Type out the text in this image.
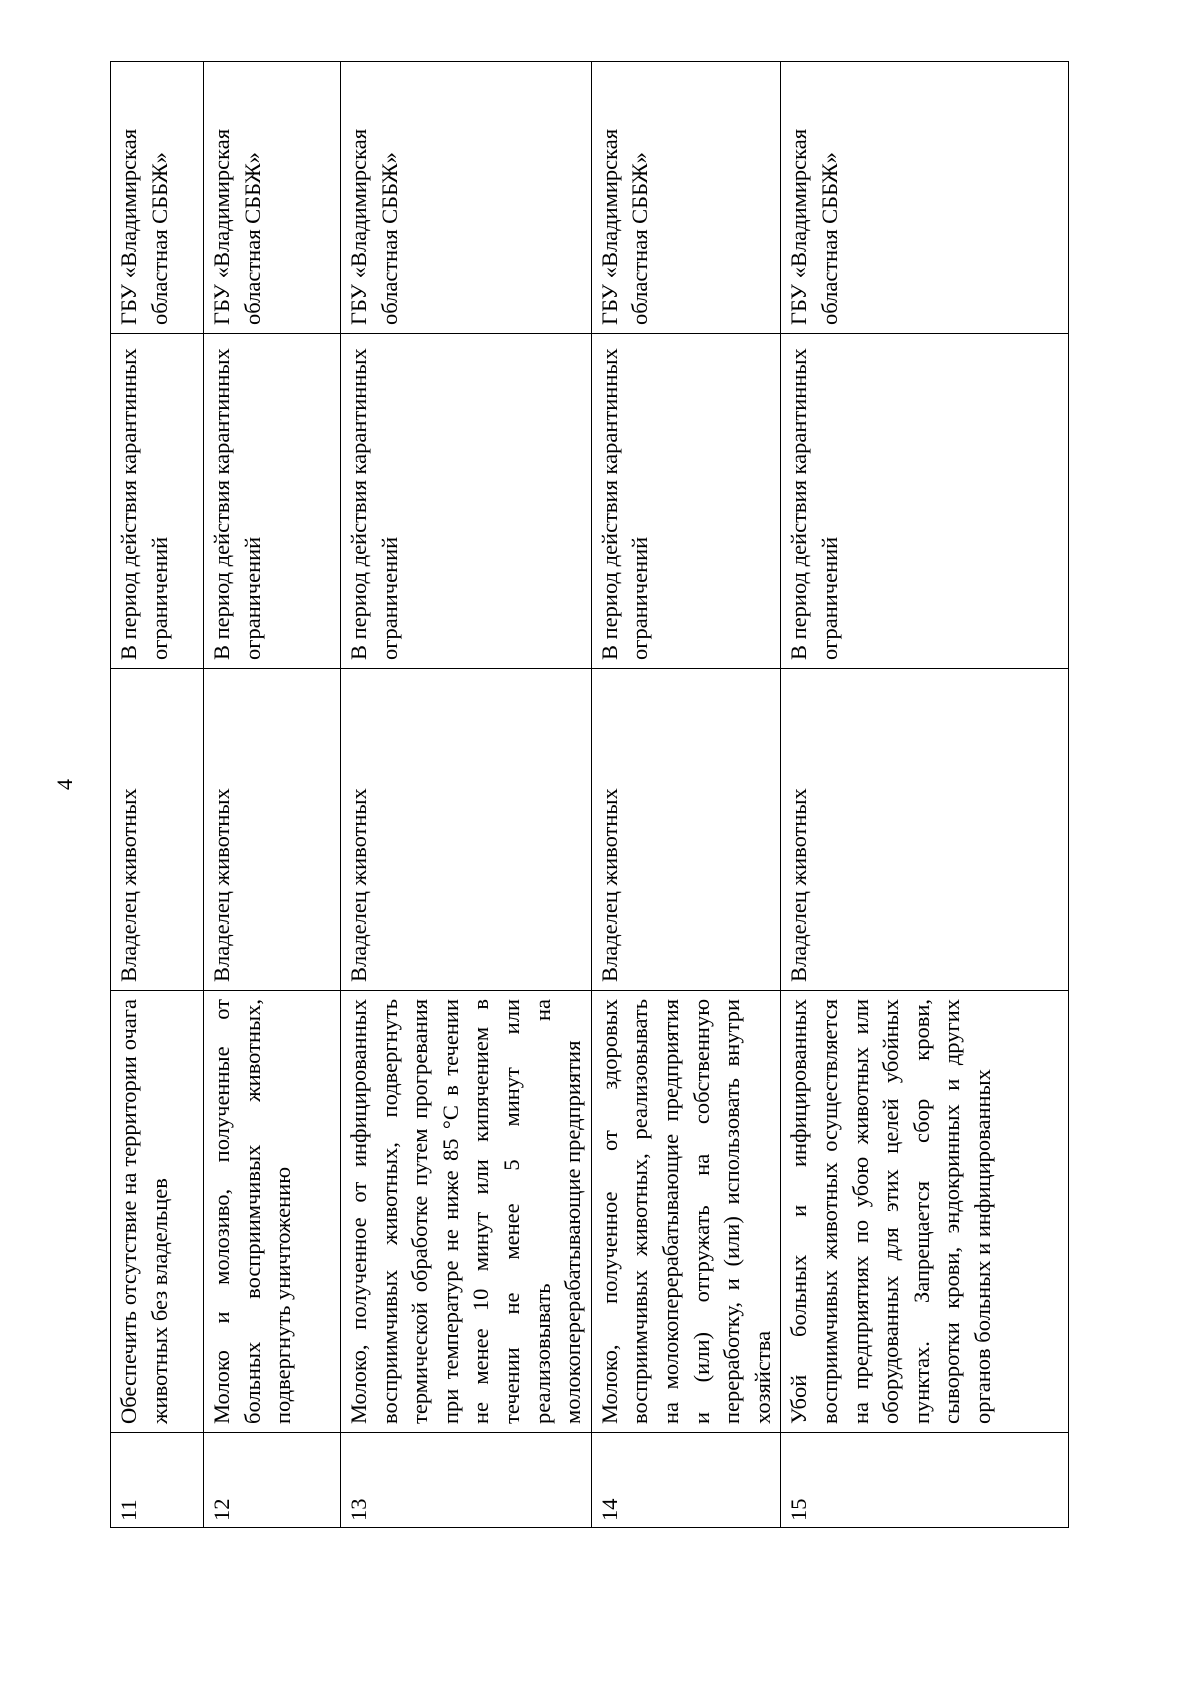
4
11	Обеспечить отсутствие на территории очага животных без владельцев	Владелец животных	В период действия карантинных ограничений	ГБУ «Владимирская областная СББЖ»
12	Молоко и молозиво, полученные от больных восприимчивых животных, подвергнуть уничтожению	Владелец животных	В период действия карантинных ограничений	ГБУ «Владимирская областная СББЖ»
13	Молоко, полученное от инфицированных восприимчивых животных, подвергнуть термической обработке путем прогревания при температуре не ниже 85 °С в течении не менее 10 минут или кипячением в течении не менее 5 минут или реализовывать на молокоперерабатывающие предприятия	Владелец животных	В период действия карантинных ограничений	ГБУ «Владимирская областная СББЖ»
14	Молоко, полученное от здоровых восприимчивых животных, реализовывать на молокоперерабатывающие предприятия и (или) отгружать на собственную переработку, и (или) использовать внутри хозяйства	Владелец животных	В период действия карантинных ограничений	ГБУ «Владимирская областная СББЖ»
15	Убой больных и инфицированных восприимчивых животных осуществляется на предприятиях по убою животных или оборудованных для этих целей убойных пунктах. Запрещается сбор крови, сыворотки крови, эндокринных и других органов больных и инфицированных	Владелец животных	В период действия карантинных ограничений	ГБУ «Владимирская областная СББЖ»
